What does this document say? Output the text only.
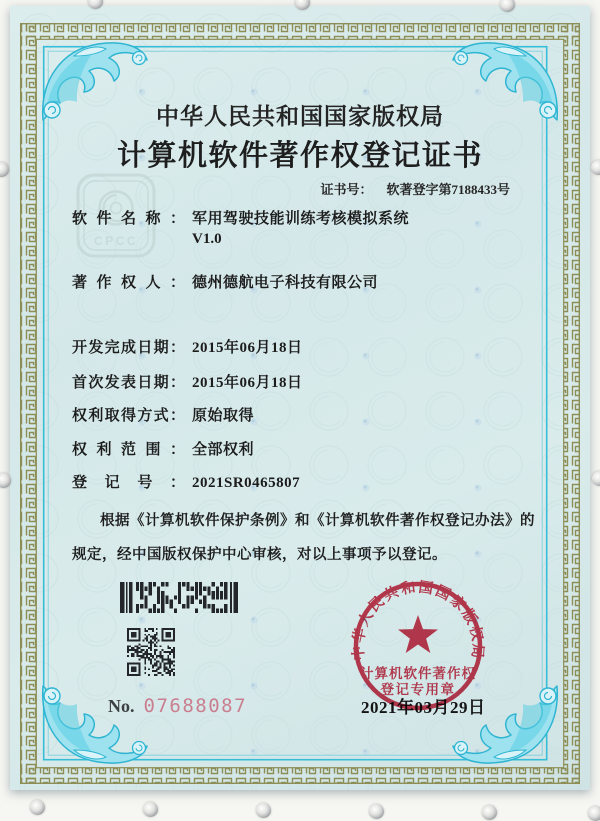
CPCC
中华人民共和国国家版权局
计算机软件著作权登记证书
证书号： 软著登字第7188433号
软件名称： 军用驾驶技能训练考核模拟系统
V1.0
著作权人： 德州德航电子科技有限公司
开发完成日期： 2015年06月18日
首次发表日期： 2015年06月18日
权利取得方式： 原始取得
权利范围： 全部权利
登记号： 2021SR0465807
根据《计算机软件保护条例》和《计算机软件著作权登记办法》的
规定，经中国版权保护中心审核，对以上事项予以登记。
No. 07688087	2021年03月29日
中华人民共和国国家版权局
计算机软件著作权
登记专用章
